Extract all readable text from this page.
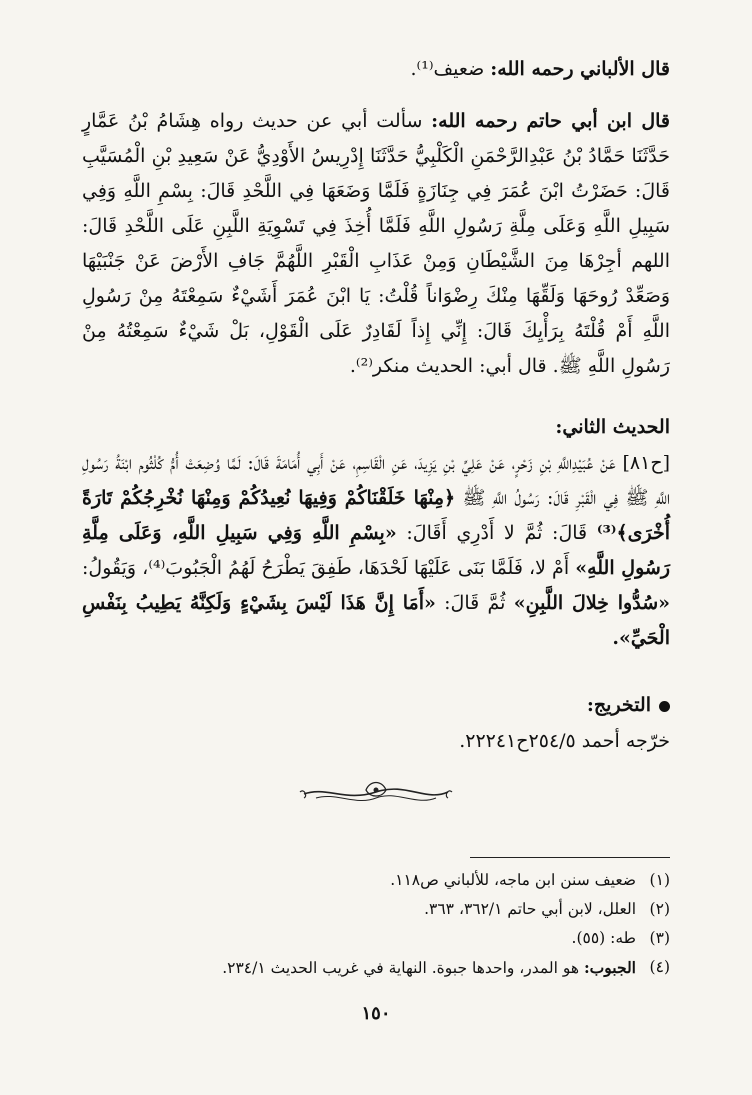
قال الألباني رحمه الله: ضعيف⁽¹⁾.
قال ابن أبي حاتم رحمه الله: سألت أبي عن حديث رواه هِشَامُ بْنُ عَمَّارٍ حَدَّثَنَا حَمَّادُ بْنُ عَبْدِالرَّحْمَنِ الْكَلْبِيُّ حَدَّثَنَا إِدْرِيسُ الأَوْدِيُّ عَنْ سَعِيدِ بْنِ الْمُسَيَّبِ قَالَ: حَضَرْتُ ابْنَ عُمَرَ فِي جِنَازَةٍ فَلَمَّا وَضَعَهَا فِي اللَّحْدِ قَالَ: بِسْمِ اللَّهِ وَفِي سَبِيلِ اللَّهِ وَعَلَى مِلَّةِ رَسُولِ اللَّهِ فَلَمَّا أُخِذَ فِي تَسْوِيَةِ اللَّبِنِ عَلَى اللَّحْدِ قَالَ: اللهم أجِرْهَا مِنَ الشَّيْطَانِ وَمِنْ عَذَابِ الْقَبْرِ اللَّهُمَّ جَافِ الأَرْضَ عَنْ جَنْبَيْهَا وَصَعِّدْ رُوحَهَا وَلَقِّهَا مِنْكَ رِضْوَاناً قُلْتُ: يَا ابْنَ عُمَرَ أَشَيْءٌ سَمِعْتَهُ مِنْ رَسُولِ اللَّهِ أَمْ قُلْتَهُ بِرَأْيِكَ قَالَ: إِنِّي إِذاً لَقَادِرٌ عَلَى الْقَوْلِ، بَلْ شَيْءٌ سَمِعْتُهُ مِنْ رَسُولِ اللَّهِ ﷺ. قال أبي: الحديث منكر⁽²⁾.
الحديث الثاني:
[ح٨١] عَنْ عُبَيْدِاللَّهِ بْنِ زَحْرٍ، عَنْ عَلِيِّ بْنِ يَزِيدَ، عَنِ الْقَاسِمِ، عَنْ أَبِي أُمَامَةَ قَالَ: لَمَّا وُضِعَتْ أُمُّ كُلْثُوم ابْنَةُ رَسُولِ اللَّهِ ﷺ فِي الْقَبْرِ قَالَ: رَسُولُ اللَّهِ ﷺ ﴿مِنْهَا خَلَقْنَاكُمْ وَفِيهَا نُعِيدُكُمْ وَمِنْهَا نُخْرِجُكُمْ تَارَةً أُخْرَى﴾⁽³⁾ قَالَ: ثُمَّ لا أَدْرِي أَقَالَ: «بِسْمِ اللَّهِ وَفِي سَبِيلِ اللَّهِ، وَعَلَى مِلَّةِ رَسُولِ اللَّهِ» أَمْ لا، فَلَمَّا بَنَى عَلَيْهَا لَحْدَهَا، طَفِقَ يَطْرَحُ لَهُمُ الْجَبُوبَ⁽⁴⁾، وَيَقُولُ: «سُدُّوا خِلالَ اللَّبِنِ» ثُمَّ قَالَ: «أَمَا إِنَّ هَذَا لَيْسَ بِشَيْءٍ وَلَكِنَّهُ يَطِيبُ بِنَفْسِ الْحَيِّ».
التخريج:
خرّجه أحمد ٢٥٤/٥ح٢٢٢٤١.
(١)
ضعيف سنن ابن ماجه، للألباني ص١١٨.
(٢)
العلل، لابن أبي حاتم ٣٦٢/١، ٣٦٣.
(٣)
طه: (٥٥).
(٤)
الجبوب: هو المدر، واحدها جبوة. النهاية في غريب الحديث ٢٣٤/١.
١٥٠
